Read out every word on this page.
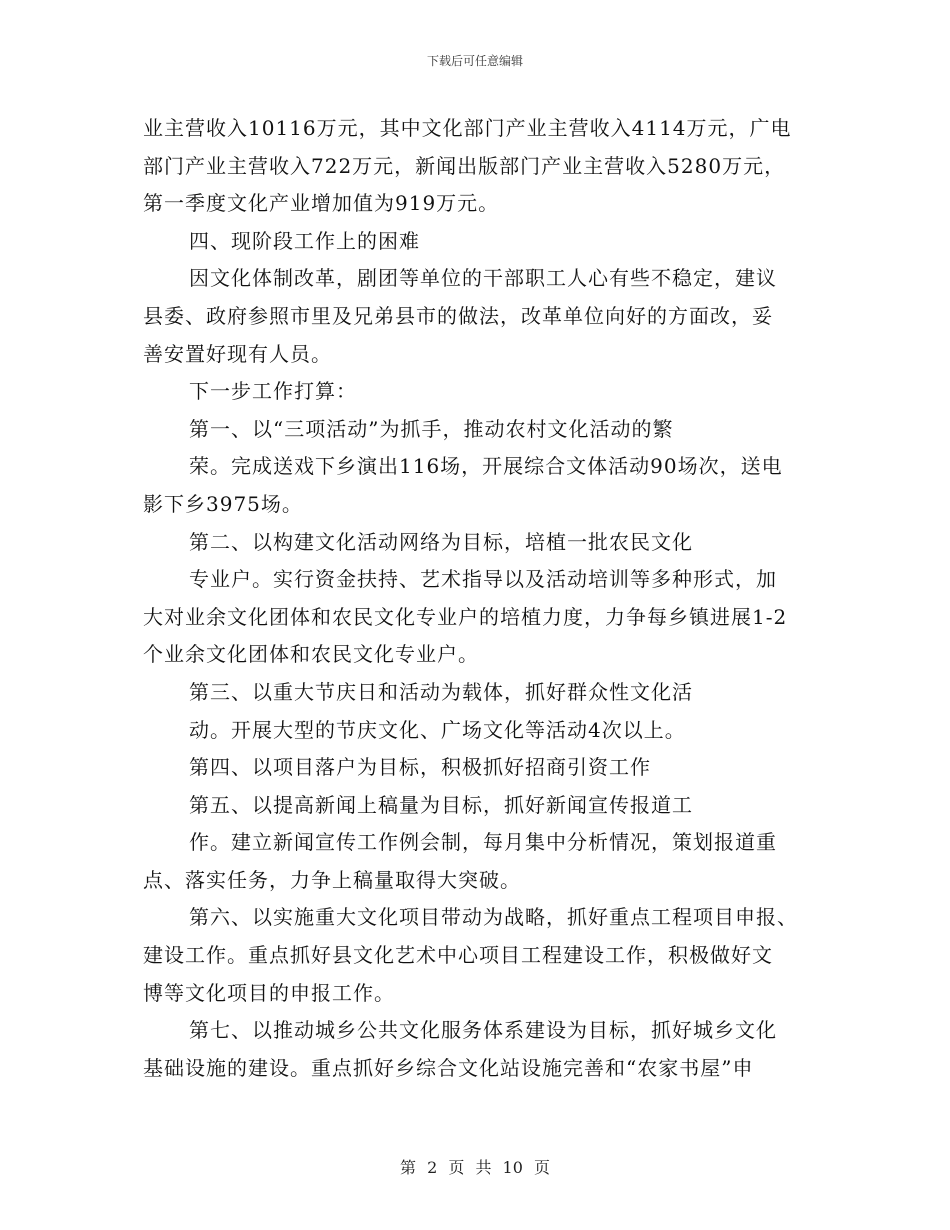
下载后可任意编辑
业主营收入10116万元，其中文化部门产业主营收入4114万元，广电
部门产业主营收入722万元，新闻出版部门产业主营收入5280万元，
第一季度文化产业增加值为919万元。
四、现阶段工作上的困难
因文化体制改革，剧团等单位的干部职工人心有些不稳定，建议
县委、政府参照市里及兄弟县市的做法，改革单位向好的方面改，妥
善安置好现有人员。
下一步工作打算：
第一、以“三项活动”为抓手，推动农村文化活动的繁
荣。完成送戏下乡演出116场，开展综合文体活动90场次，送电
影下乡3975场。
第二、以构建文化活动网络为目标，培植一批农民文化
专业户。实行资金扶持、艺术指导以及活动培训等多种形式，加
大对业余文化团体和农民文化专业户的培植力度，力争每乡镇进展1-2
个业余文化团体和农民文化专业户。
第三、以重大节庆日和活动为载体，抓好群众性文化活
动。开展大型的节庆文化、广场文化等活动4次以上。
第四、以项目落户为目标，积极抓好招商引资工作
第五、以提高新闻上稿量为目标，抓好新闻宣传报道工
作。建立新闻宣传工作例会制，每月集中分析情况，策划报道重
点、落实任务，力争上稿量取得大突破。
第六、以实施重大文化项目带动为战略，抓好重点工程项目申报、
建设工作。重点抓好县文化艺术中心项目工程建设工作，积极做好文
博等文化项目的申报工作。
第七、以推动城乡公共文化服务体系建设为目标，抓好城乡文化
基础设施的建设。重点抓好乡综合文化站设施完善和“农家书屋”申
第 2 页 共 10 页
